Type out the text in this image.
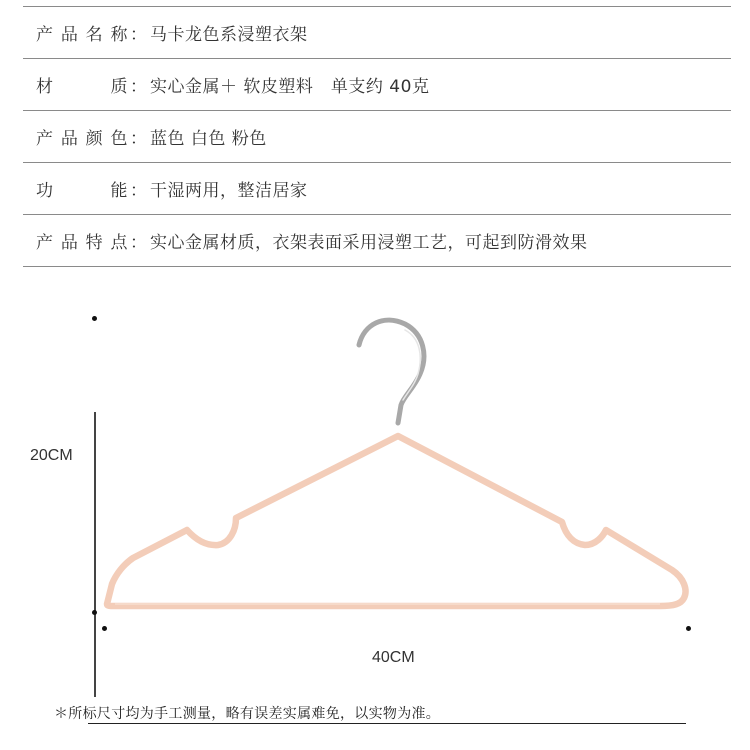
产品名称 ： 马卡龙色系浸塑衣架
材质 ： 实心金属＋ 软皮塑料　单支约 40克
产品颜色 ： 蓝色 白色 粉色
功能 ： 干湿两用，整洁居家
产品特点 ： 实心金属材质，衣架表面采用浸塑工艺，可起到防滑效果
20CM
40CM
＊所标尺寸均为手工测量，略有误差实属难免，以实物为准。
